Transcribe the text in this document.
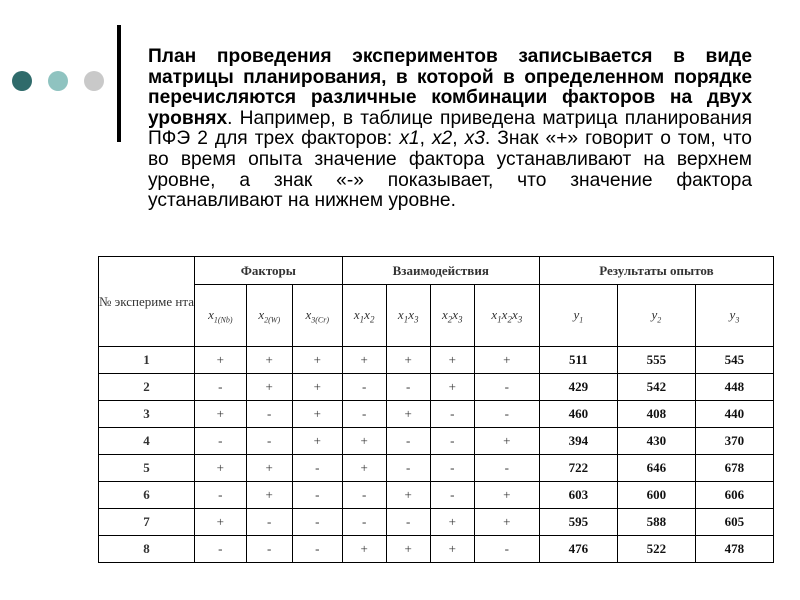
План проведения экспериментов записывается в виде матрицы планирования, в которой в определенном порядке перечисляются различные комбинации факторов на двух уровнях. Например, в таблице приведена матрица планирования ПФЭ 2 для трех факторов: x1, x2, x3. Знак «+» говорит о том, что во время опыта значение фактора устанавливают на верхнем уровне, а знак «-» показывает, что значение фактора устанавливают на нижнем уровне.

№ экспериме нта	Факторы			Взаимодействия				Результаты опытов		
	$x_{1(Nb)}$	$x_{2(W)}$	$x_{3(Cr)}$	$x_1x_2$	$x_1x_3$	$x_2x_3$	$x_1x_2x_3$	$y_1$	$y_2$	$y_3$
1	+	+	+	+	+	+	+	511	555	545
2	-	+	+	-	-	+	-	429	542	448
3	+	-	+	-	+	-	-	460	408	440
4	-	-	+	+	-	-	+	394	430	370
5	+	+	-	+	-	-	-	722	646	678
6	-	+	-	-	+	-	+	603	600	606
7	+	-	-	-	-	+	+	595	588	605
8	-	-	-	+	+	+	-	476	522	478
